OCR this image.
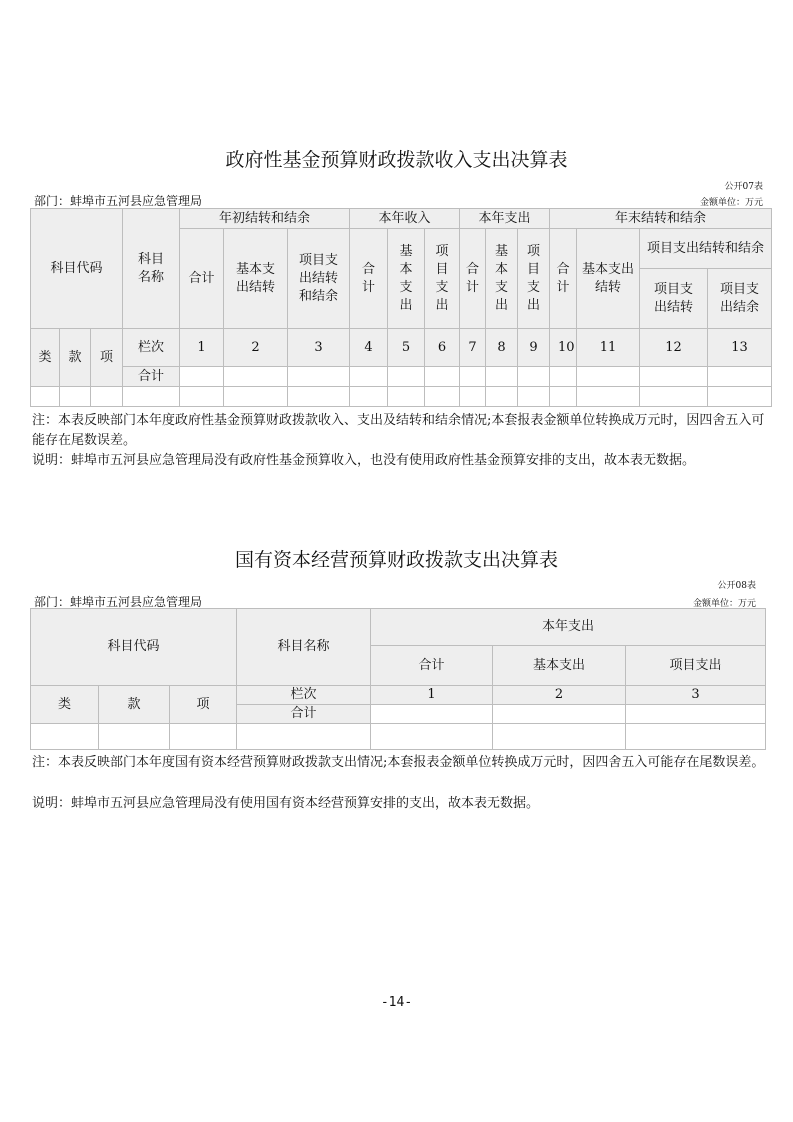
政府性基金预算财政拨款收入支出决算表
公开07表
部门：蚌埠市五河县应急管理局	金额单位：万元
科目代码			科目名称	年初结转和结余			本年收入			本年支出			年末结转和结余			
				合计	基本支出结转	项目支出结转和结余	合计	基本支出	项目支出	合计	基本支出	项目支出	合计	基本支出结转	项目支出结转和结余	
															项目支出结转	项目支出结余
类	款	项	栏次	1	2	3	4	5	6	7	8	9	10	11	12	13
			合计													

注：本表反映部门本年度政府性基金预算财政拨款收入、支出及结转和结余情况;本套报表金额单位转换成万元时，因四舍五入可能存在尾数误差。
说明：蚌埠市五河县应急管理局没有政府性基金预算收入，也没有使用政府性基金预算安排的支出，故本表无数据。
国有资本经营预算财政拨款支出决算表
公开08表
部门：蚌埠市五河县应急管理局	金额单位：万元
科目代码			科目名称	本年支出		
				合计	基本支出	项目支出
类	款	项	栏次	1	2	3
			合计			

注：本表反映部门本年度国有资本经营预算财政拨款支出情况;本套报表金额单位转换成万元时，因四舍五入可能存在尾数误差。
说明：蚌埠市五河县应急管理局没有使用国有资本经营预算安排的支出，故本表无数据。
-14-
